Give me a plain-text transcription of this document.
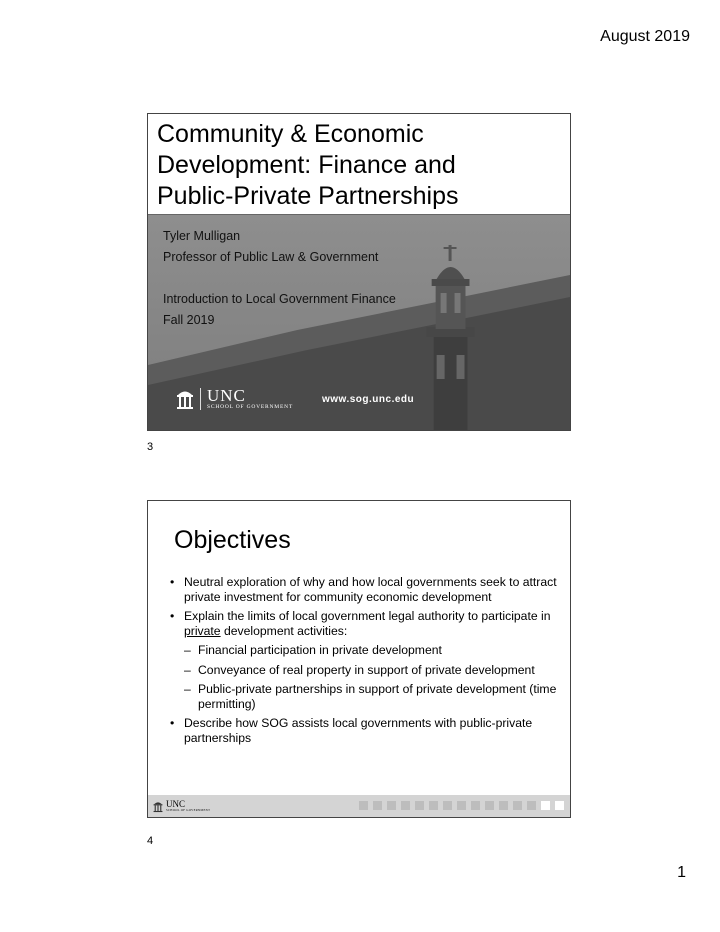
August 2019
Community & Economic
Development: Finance and
Public-Private Partnerships
Tyler Mulligan
Professor of Public Law & Government
Introduction to Local Government Finance
Fall 2019
UNC
SCHOOL OF GOVERNMENT
www.sog.unc.edu
3
Objectives
• Neutral exploration of why and how local governments seek to attract private investment for community economic development
• Explain the limits of local government legal authority to participate in private development activities:
– Financial participation in private development
– Conveyance of real property in support of private development
– Public-private partnerships in support of private development (time permitting)
• Describe how SOG assists local governments with public-private partnerships
UNC
SCHOOL OF GOVERNMENT
4
1
